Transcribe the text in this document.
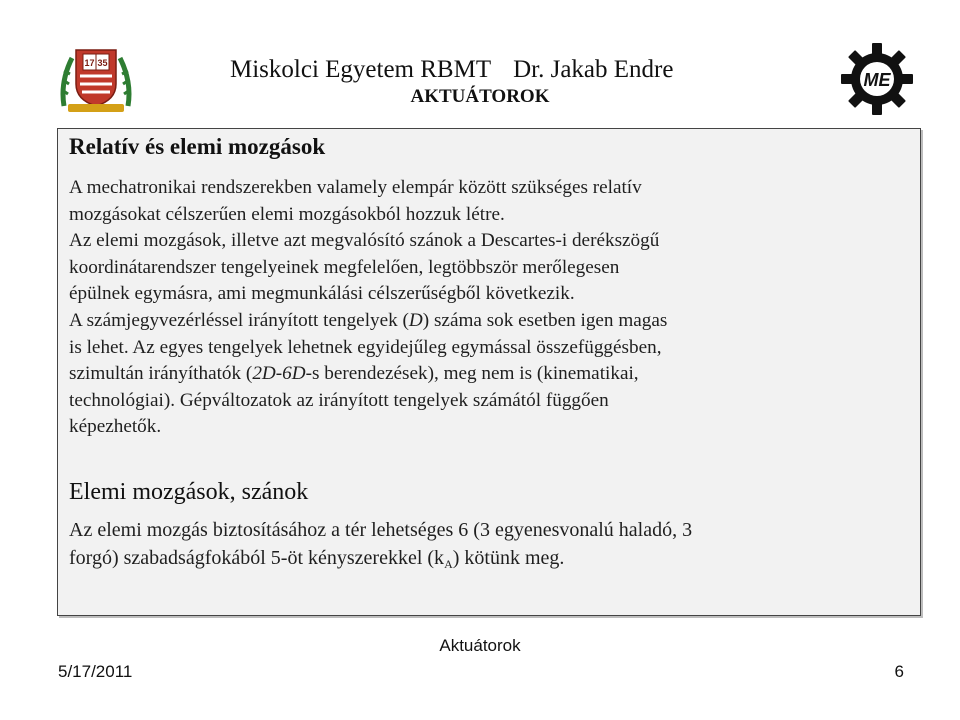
17 35	Miskolci Egyetem RBMT Dr. Jakab Endre
AKTUÁTOROK
ME
Relatív és elemi mozgások

A mechatronikai rendszerekben valamely elempár között szükséges relatív

mozgásokat célszerűen elemi mozgásokból hozzuk létre.

Az elemi mozgások, illetve azt megvalósító szánok a Descartes-i derékszögű

koordinátarendszer tengelyeinek megfelelően, legtöbbször merőlegesen

épülnek egymásra, ami megmunkálási célszerűségből következik.

A számjegyvezérléssel irányított tengelyek (D) száma sok esetben igen magas

is lehet. Az egyes tengelyek lehetnek egyidejűleg egymással összefüggésben,

szimultán irányíthatók (2D-6D-s berendezések), meg nem is (kinematikai,

technológiai). Gépváltozatok az irányított tengelyek számától függően

képezhetők.

Elemi mozgások, szánok

Az elemi mozgás biztosításához a tér lehetséges 6 (3 egyenesvonalú haladó, 3

forgó) szabadságfokából 5-öt kényszerekkel $(k_A)$ kötünk meg.

Aktuátorok
5/17/2011	6
